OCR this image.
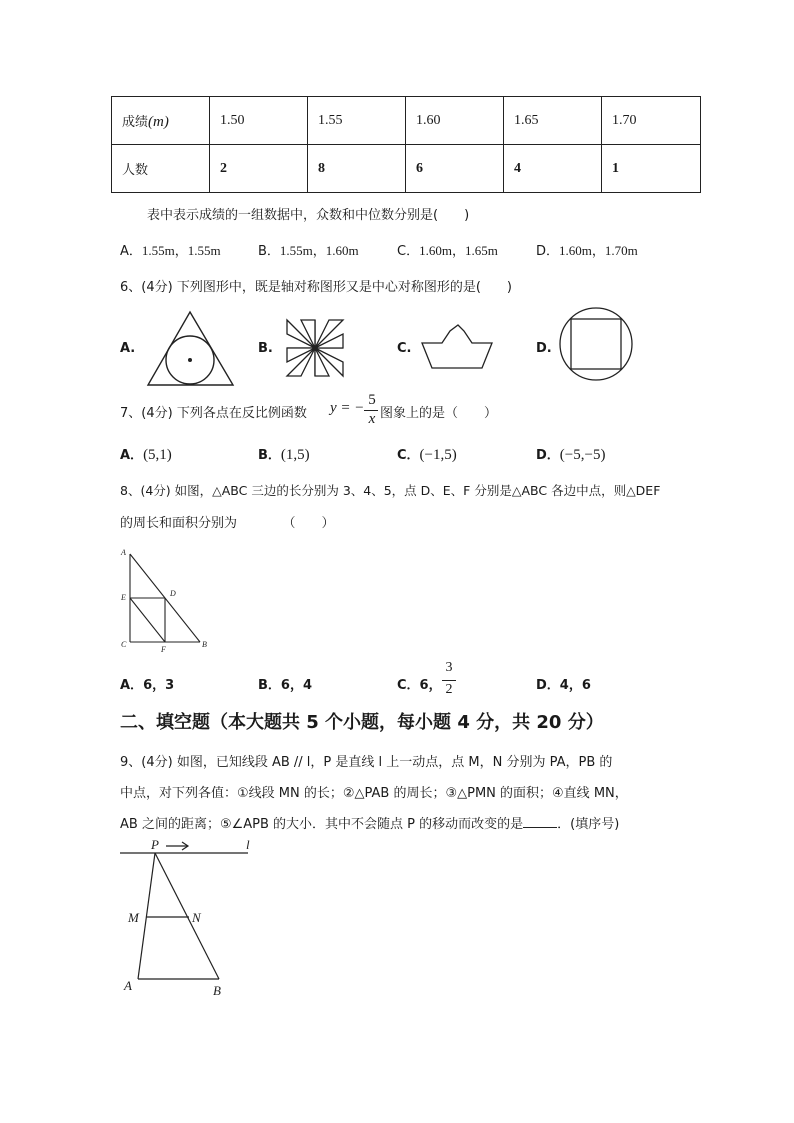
成绩(m)	1.50	1.55	1.60	1.65	1.70
人数	2	8	6	4	1
表中表示成绩的一组数据中，众数和中位数分别是(　　)
A．1.55m，1.55m	B．1.55m，1.60m	C．1.60m，1.65m	D．1.60m，1.70m
6、(4分) 下列图形中，既是轴对称图形又是中心对称图形的是(　　)
A.	B.	C.	D.
7、(4分) 下列各点在反比例函数 y = − 5
x 图象上的是（　　）
A．(5,1)	B．(1,5)	C．(−1,5)	D．(−5,−5)
8、(4分) 如图，△ABC 三边的长分别为 3、4、5，点 D、E、F 分别是△ABC 各边中点，则△DEF
的周长和面积分别为　　　　（　　）
A
E	D
C
F
B
A．6，3	B．6，4	C．6，
3
2	D．4，6
二、填空题（本大题共 5 个小题，每小题 4 分，共 20 分）
9、(4分) 如图，已知线段 AB // l，P 是直线 l 上一动点，点 M，N 分别为 PA，PB 的
中点，对下列各值：①线段 MN 的长；②△PAB 的周长；③△PMN 的面积；④直线 MN，
AB 之间的距离；⑤∠APB 的大小．其中不会随点 P 的移动而改变的是	．(填序号)
P	l
M	N
A	B
